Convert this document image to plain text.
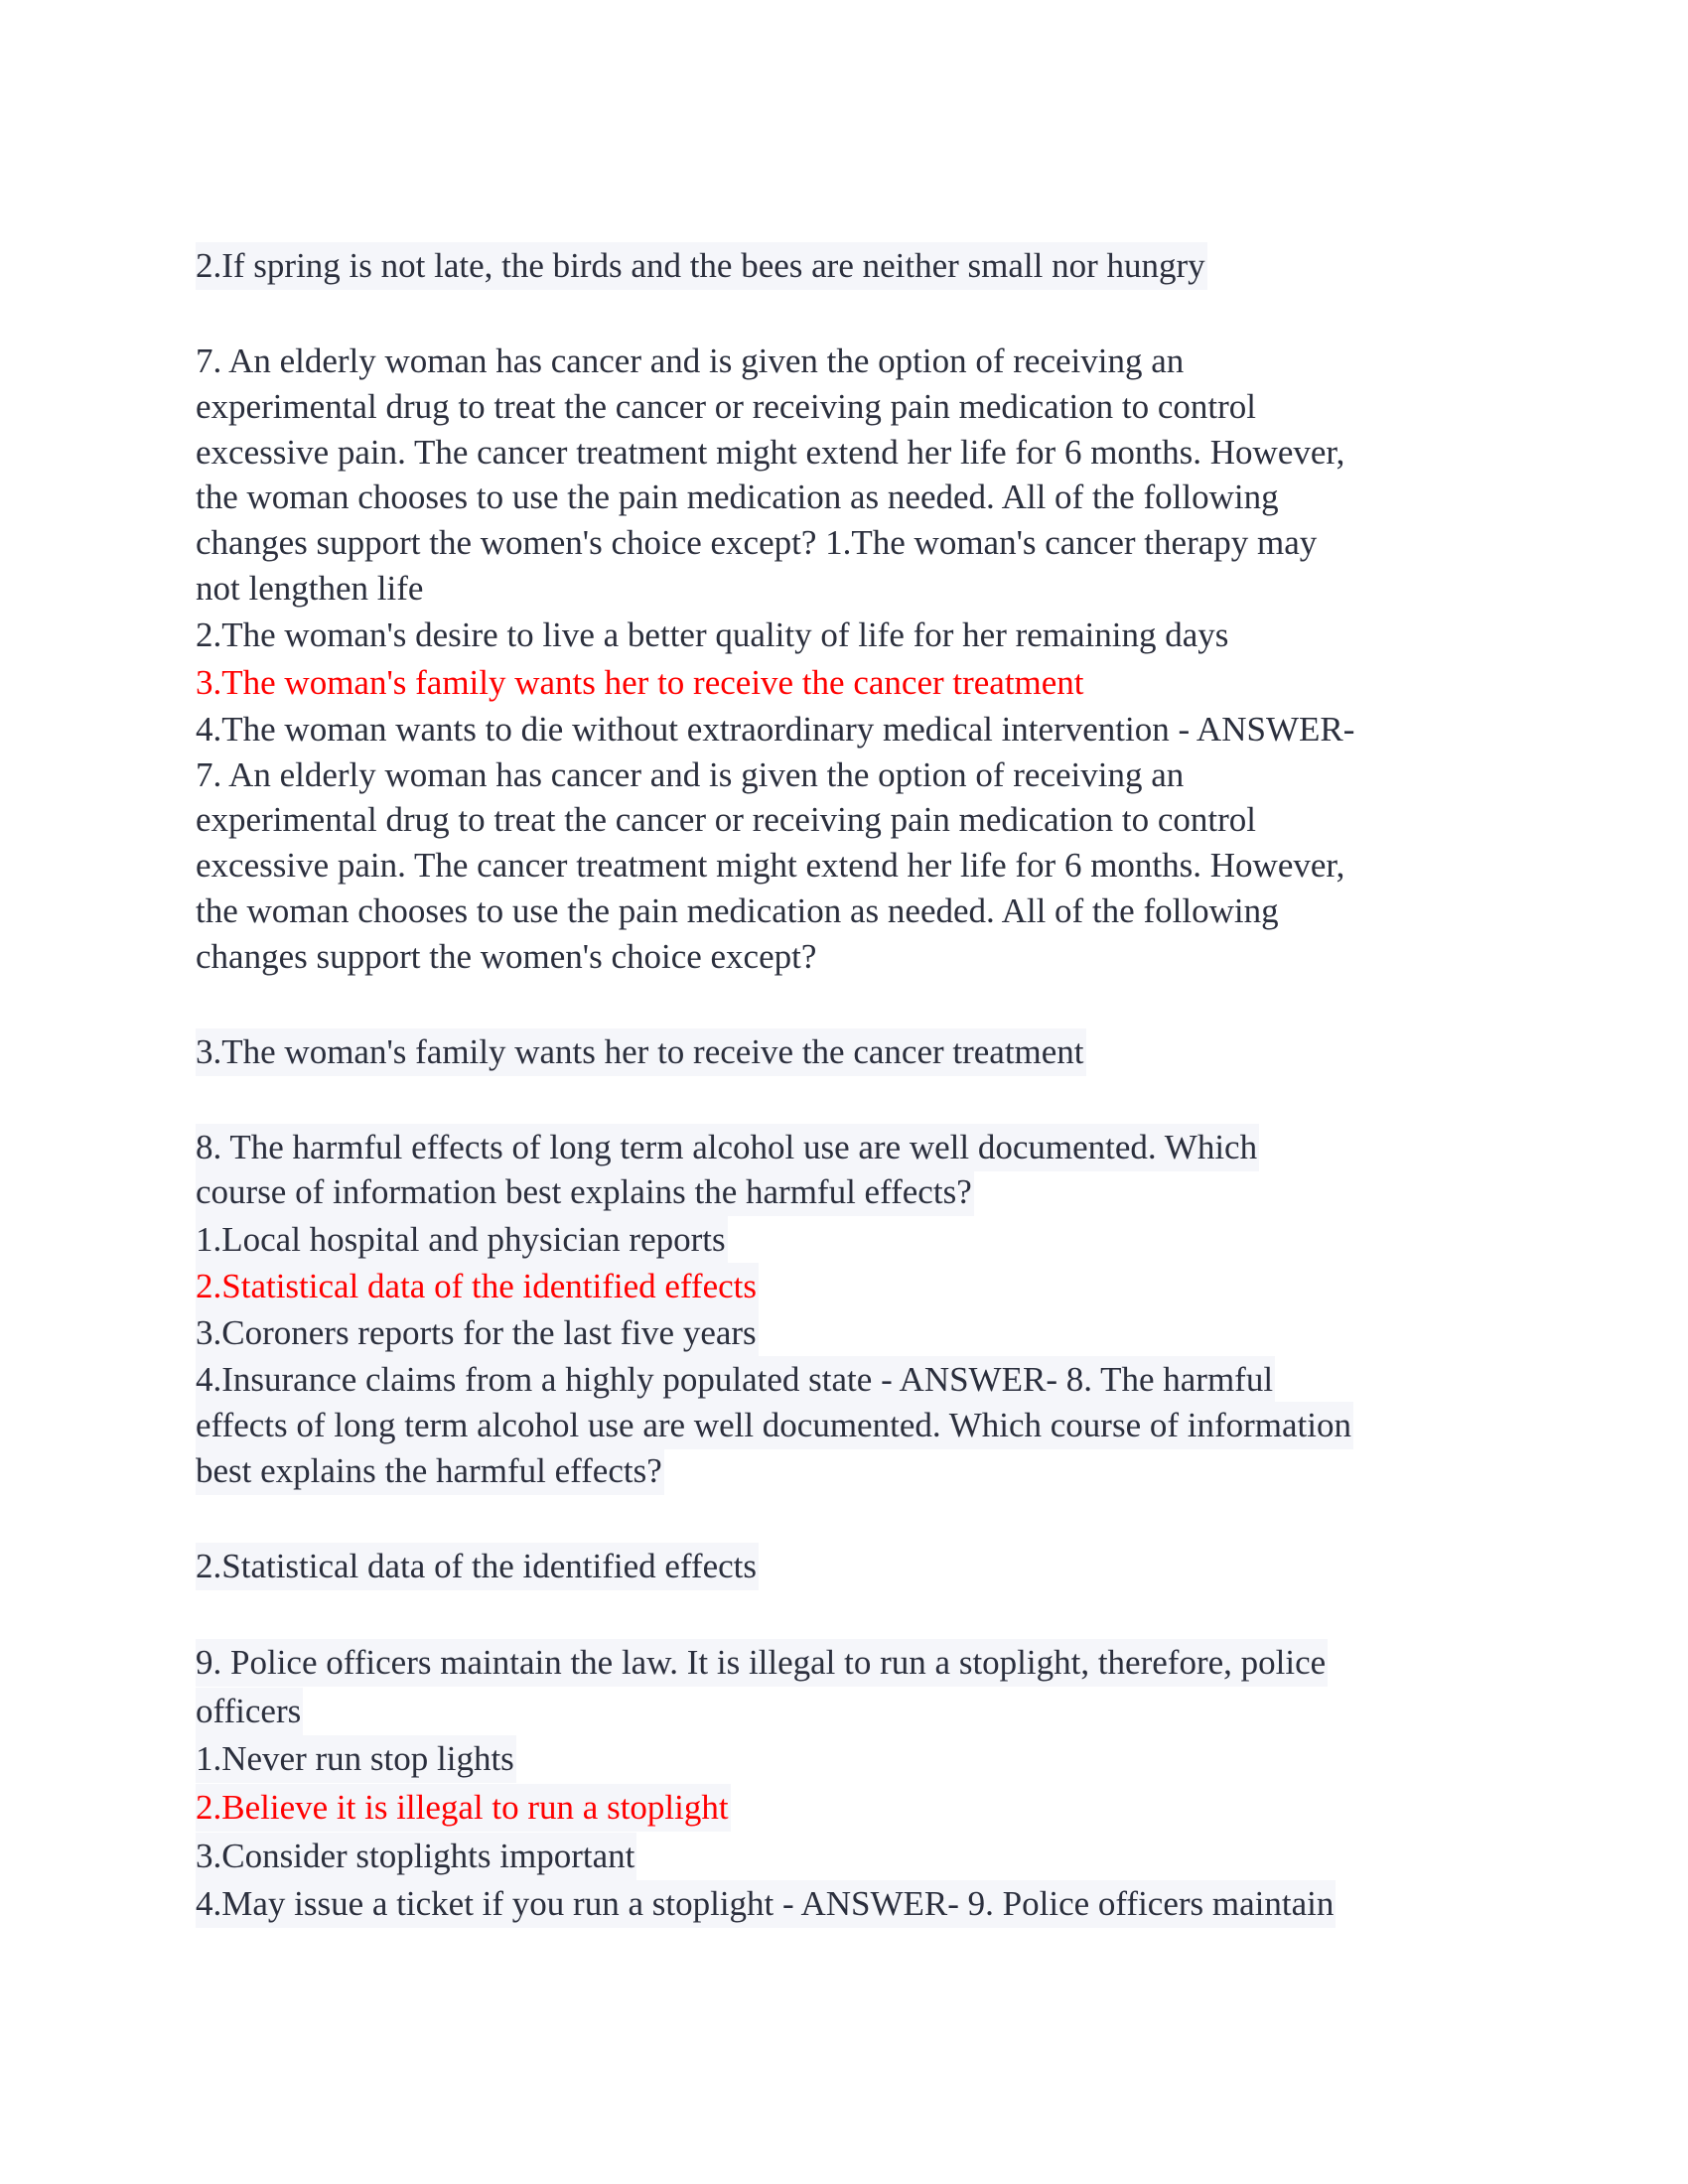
2.If spring is not late, the birds and the bees are neither small nor hungry
7. An elderly woman has cancer and is given the option of receiving an
experimental drug to treat the cancer or receiving pain medication to control
excessive pain. The cancer treatment might extend her life for 6 months. However,
the woman chooses to use the pain medication as needed. All of the following
changes support the women's choice except? 1.The woman's cancer therapy may
not lengthen life
2.The woman's desire to live a better quality of life for her remaining days
3.The woman's family wants her to receive the cancer treatment
4.The woman wants to die without extraordinary medical intervention - ANSWER-
7. An elderly woman has cancer and is given the option of receiving an
experimental drug to treat the cancer or receiving pain medication to control
excessive pain. The cancer treatment might extend her life for 6 months. However,
the woman chooses to use the pain medication as needed. All of the following
changes support the women's choice except?
3.The woman's family wants her to receive the cancer treatment
8. The harmful effects of long term alcohol use are well documented. Which
course of information best explains the harmful effects?
1.Local hospital and physician reports
2.Statistical data of the identified effects
3.Coroners reports for the last five years
4.Insurance claims from a highly populated state - ANSWER- 8. The harmful
effects of long term alcohol use are well documented. Which course of information
best explains the harmful effects?
2.Statistical data of the identified effects
9. Police officers maintain the law. It is illegal to run a stoplight, therefore, police
officers
1.Never run stop lights
2.Believe it is illegal to run a stoplight
3.Consider stoplights important
4.May issue a ticket if you run a stoplight - ANSWER- 9. Police officers maintain
